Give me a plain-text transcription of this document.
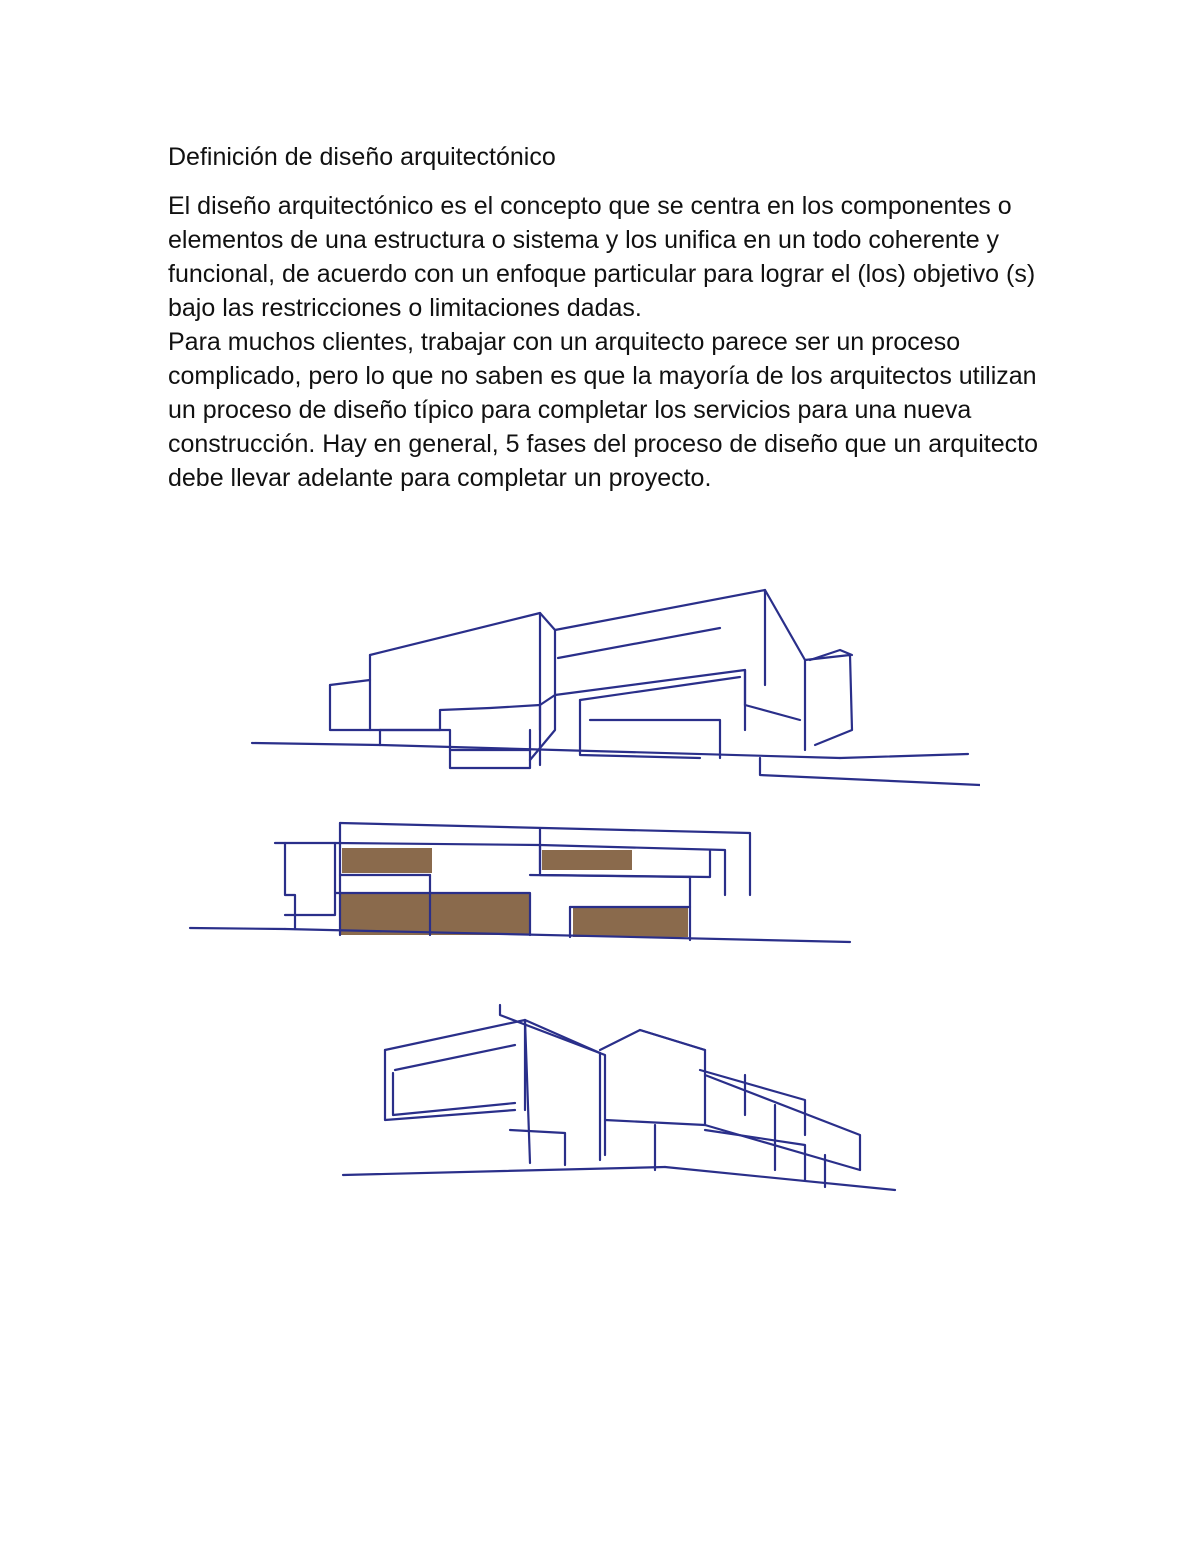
Definición de diseño arquitectónico

El diseño arquitectónico es el concepto que se centra en los componentes o elementos de una estructura o sistema y los unifica en un todo coherente y funcional, de acuerdo con un enfoque particular para lograr el (los) objetivo (s) bajo las restricciones o limitaciones dadas.

Para muchos clientes, trabajar con un arquitecto parece ser un proceso complicado, pero lo que no saben es que la mayoría de los arquitectos utilizan un proceso de diseño típico para completar los servicios para una nueva construcción. Hay en general, 5 fases del proceso de diseño que un arquitecto debe llevar adelante para completar un proyecto.
